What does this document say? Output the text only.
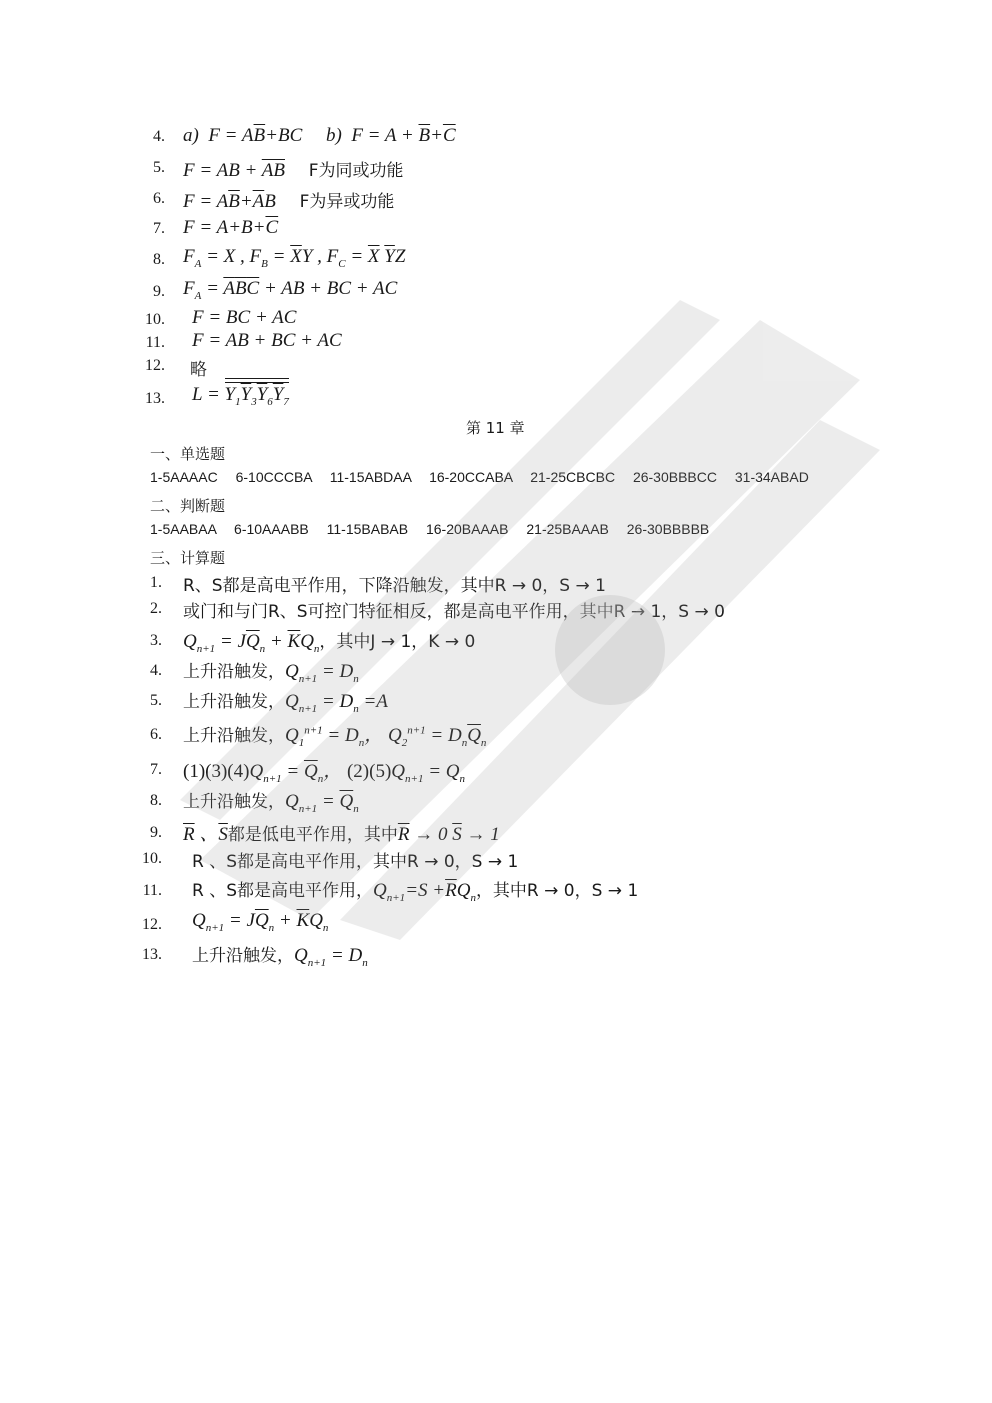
4. a)  $F = A\overline{B}+BC$     b)  $F = A + \overline{B}+\overline{C}$
5. F = AB + $\overline{AB}$ F为同或功能
6. $F = A\overline{B}+\overline{A}B$     F为异或功能
7. $F = A+B+\overline{C}$
8. $F_A = X$ , $F_B = \overline{X}Y$ , $F_C = \overline{X}$ $\overline{Y}Z$
9. $F_A = \overline{A}\overline{B}\overline{C}$ + AB + BC + AC
10. F = BC + AC
11. F = AB + BC + AC
12. 略
13. $L = Y_1\overline{Y}_3\overline{Y}_6\overline{Y}_7$
第 11 章
一、单选题
1-5AAAAC 6-10CCCBA 11-15ABDAA 16-20CCABA 21-25CBCBC 26-30BBBCC 31-34ABAD
二、判断题
1-5AABAA 6-10AAABB 11-15BABAB 16-20BAAAB 21-25BAAAB 26-30BBBBB
三、计算题
1. R、S都是高电平作用，下降沿触发，其中R → 0，S → 1
2. 或门和与门R、S可控门特征相反，都是高电平作用，其中R → 1，S → 0
3. $Q_{n+1} = J\overline{Q}_n + \overline{K}Q_n$，其中J → 1，K → 0
4. 上升沿触发，$Q_{n+1} = D_n$
5. 上升沿触发，$Q_{n+1} = D_n =A$
6. 上升沿触发，$Q_1^{n+1} = D_n$， $Q_2^{n+1} = D_n\overline{Q}_n$
7. $(1)(3)(4)Q_{n+1} = \overline{Q}_n$， $(2)(5)Q_{n+1} = Q_n$
8. 上升沿触发，$Q_{n+1} = \overline{Q}_n$
9. $\overline{R}$ 、$\overline{S}$都是低电平作用，其中$\overline{R} \to 0$ $\overline{S} \to 1$
10. R 、S都是高电平作用，其中R → 0，S → 1
11. R 、S都是高电平作用，$Q_{n+1}=S +\overline{R}Q_n$，其中R → 0，S → 1
12. $Q_{n+1} = J\overline{Q}_n + \overline{K}Q_n$
13. 上升沿触发，$Q_{n+1} = D_n$
